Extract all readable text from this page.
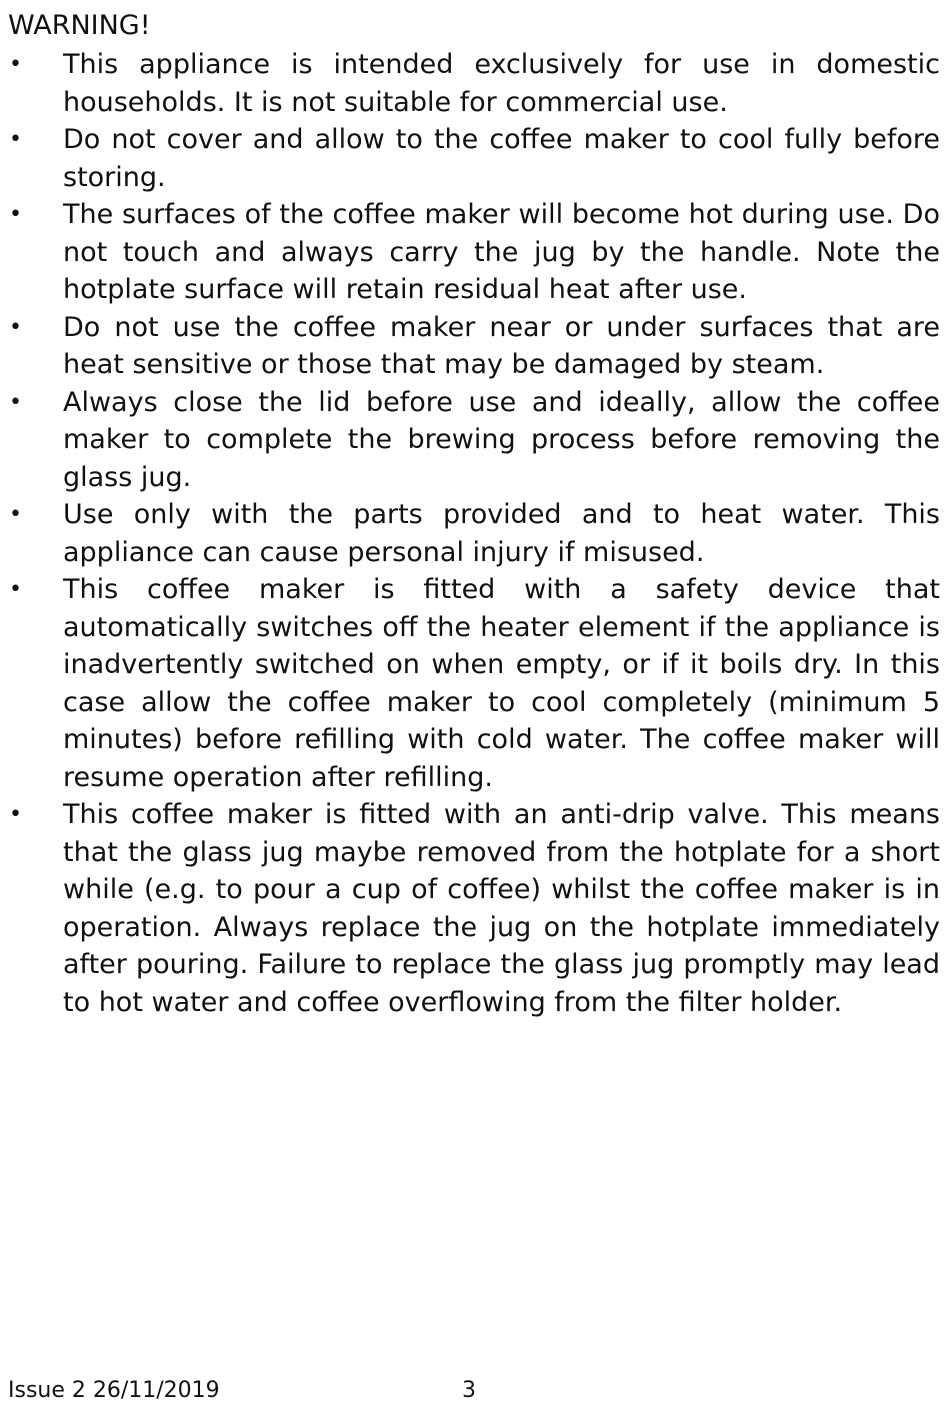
WARNING!
• This appliance is intended exclusively for use in domestic households. It is not suitable for commercial use.
• Do not cover and allow to the coffee maker to cool fully before storing.
• The surfaces of the coffee maker will become hot during use. Do not touch and always carry the jug by the handle. Note the hotplate surface will retain residual heat after use.
• Do not use the coffee maker near or under surfaces that are heat sensitive or those that may be damaged by steam.
• Always close the lid before use and ideally, allow the coffee maker to complete the brewing process before removing the glass jug.
• Use only with the parts provided and to heat water. This appliance can cause personal injury if misused.
• This coffee maker is fitted with a safety device that automatically switches off the heater element if the appliance is inadvertently switched on when empty, or if it boils dry. In this case allow the coffee maker to cool completely (minimum 5 minutes) before refilling with cold water. The coffee maker will resume operation after refilling.
• This coffee maker is fitted with an anti-drip valve. This means that the glass jug maybe removed from the hotplate for a short while (e.g. to pour a cup of coffee) whilst the coffee maker is in operation. Always replace the jug on the hotplate immediately after pouring. Failure to replace the glass jug promptly may lead to hot water and coffee overflowing from the filter holder.
Issue 2 26/11/2019	3
